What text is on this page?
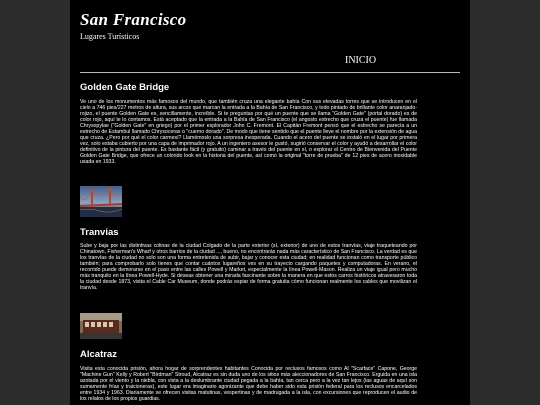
San Francisco
Lugares Turísticos
INICIO
Golden Gate Bridge

Ve uno de los monumentos más famosos del mundo, que también cruza una elegante bahía Con sus elevadas torres que se introducen en el cielo a 746 pies/227 metros de altura, sus arcos que marcan la entrada a la Bahía de San Francisco, y todo pintado de brillante color anaranjado-rojizo, el puente Golden Gate es, sencillamente, increíble. Si te preguntas por qué un puente que se llama "Golden Gate" (portal dorado) es de color rojo, aquí te lo contamos. Está aceptado que la entrada a la Bahía de San Francisco (el angosto estrecho que cruza el puente) fue llamada Chrysopylae ("Golden Gate" en griego) por el primer explorador John C. Fremont. El Capitán Fremont pensó que el estrecho se parecía a un estrecho de Estambul llamado Chrysoceras o "cuerno dorado". De modo que tiene sentido que el puente lleve el nombre por la extensión de agua que cruza. ¿Pero por qué el color carmesí? Llamémoslo una sorpresa inesperada. Cuando el acero del puente se instaló en el lugar por primera vez, solo estaba cubierto por una capa de imprimador rojo. A un ingeniero asesor le gustó, sugirió conservar el color y ayudó a desarrollar el color definitivo de la pintura del puente. Es bastante fácil (y gratuito) caminar a través del puente en sí, o explorar el Centro de Bienvenida del Puente Golden Gate Bridge, que ofrece un colorido look en la historia del puente, así como la original "torre de prueba" de 12 pies de acero inoxidable usada en 1933.

Tranvias

Sube y baja por las distintivas colinas de la ciudad Colgado de la parte exterior (sí, exterior) de uno de estos tranvías, viaje traqueteando por Chinatown, Fisherman's Wharf y otros barrios de la ciudad ..., bueno, no encontrarás nada más característico de San Francisco. La verdad es que los tranvías de la ciudad no solo son una forma entretenida de subir, bajar y conocer esta ciudad; en realidad funcionan como transporte público también; para comprobarlo solo tienes que contar cuántos lugareños ves en su trayecto cargando paquetes y computadoras. En verano, el recorrido puede demorarse en el paso entre las calles Powell y Market, especialmente la línea Powell-Mason. Realiza un viaje igual pero mucho más tranquilo en la línea Powell-Hyde. Si deseas obtener una mirada fascinante sobre la manera en que estos carros históricos atravesaron toda la ciudad desde 1873, visita el Cable Car Museum, donde podrás espiar de forma gratuita cómo funcionan realmente los cables que movilizan el tranvía.

Alcatraz

Visita esta conocida prisión, ahora hogar de sorprendentes habitantes Conocida por reclusos famosos como Al "Scarface" Capone, George "Machine Gun" Kelly y Robert "Birdman" Stroud, Alcatraz es sin duda uno de los sitios más aleccionadores de San Francisco. Erguida en una isla azotada por el viento y la niebla, con vista a la deslumbrante ciudad pegada a la bahía, tan cerca pero a la vez tan lejos (las aguas de aquí son sumamente frías y traicioneras), este lugar era imaginario agonizante que debe haber sido esta prisión federal para los reclusos encarcelados entre 1934 y 1963. Diariamente se ofrecen visitas matutinas, vespertinas y de madrugada a la isla, con excursiones que reproducen el audio de los relatos de los propios guardias.
